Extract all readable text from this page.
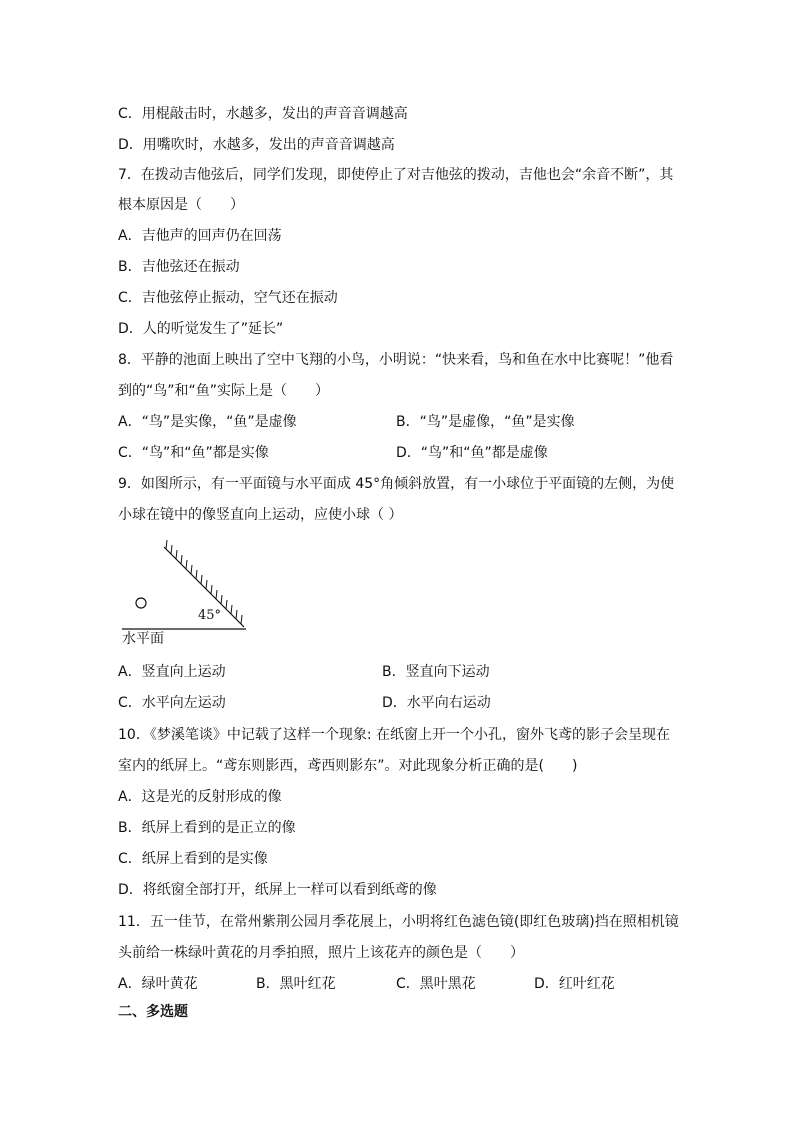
C．用棍敲击时，水越多，发出的声音音调越高
D．用嘴吹时，水越多，发出的声音音调越高
7．在拨动吉他弦后，同学们发现，即使停止了对吉他弦的拨动，吉他也会“余音不断”，其
根本原因是（　　）
A．吉他声的回声仍在回荡
B．吉他弦还在振动
C．吉他弦停止振动，空气还在振动
D．人的听觉发生了”延长”
8．平静的池面上映出了空中飞翔的小鸟，小明说：“快来看，鸟和鱼在水中比赛呢！”他看
到的“鸟”和“鱼”实际上是（　　）
A．“鸟”是实像，“鱼”是虚像	B．“鸟”是虚像，“鱼”是实像
C．“鸟”和“鱼”都是实像	D．“鸟”和“鱼”都是虚像
9．如图所示，有一平面镜与水平面成 45°角倾斜放置，有一小球位于平面镜的左侧，为使
小球在镜中的像竖直向上运动，应使小球（ ）
45°
水平面
A．竖直向上运动	B．竖直向下运动
C．水平向左运动	D．水平向右运动
10．《梦溪笔谈》中记载了这样一个现象: 在纸窗上开一个小孔，窗外飞鸢的影子会呈现在
室内的纸屏上。“鸢东则影西，鸢西则影东”。对此现象分析正确的是(　　)
A．这是光的反射形成的像
B．纸屏上看到的是正立的像
C．纸屏上看到的是实像
D．将纸窗全部打开，纸屏上一样可以看到纸鸢的像
11．五一佳节，在常州紫荆公园月季花展上，小明将红色滤色镜(即红色玻璃)挡在照相机镜
头前给一株绿叶黄花的月季拍照，照片上该花卉的颜色是（　　）
A．绿叶黄花	B．黑叶红花	C．黑叶黑花	D．红叶红花
二、多选题
